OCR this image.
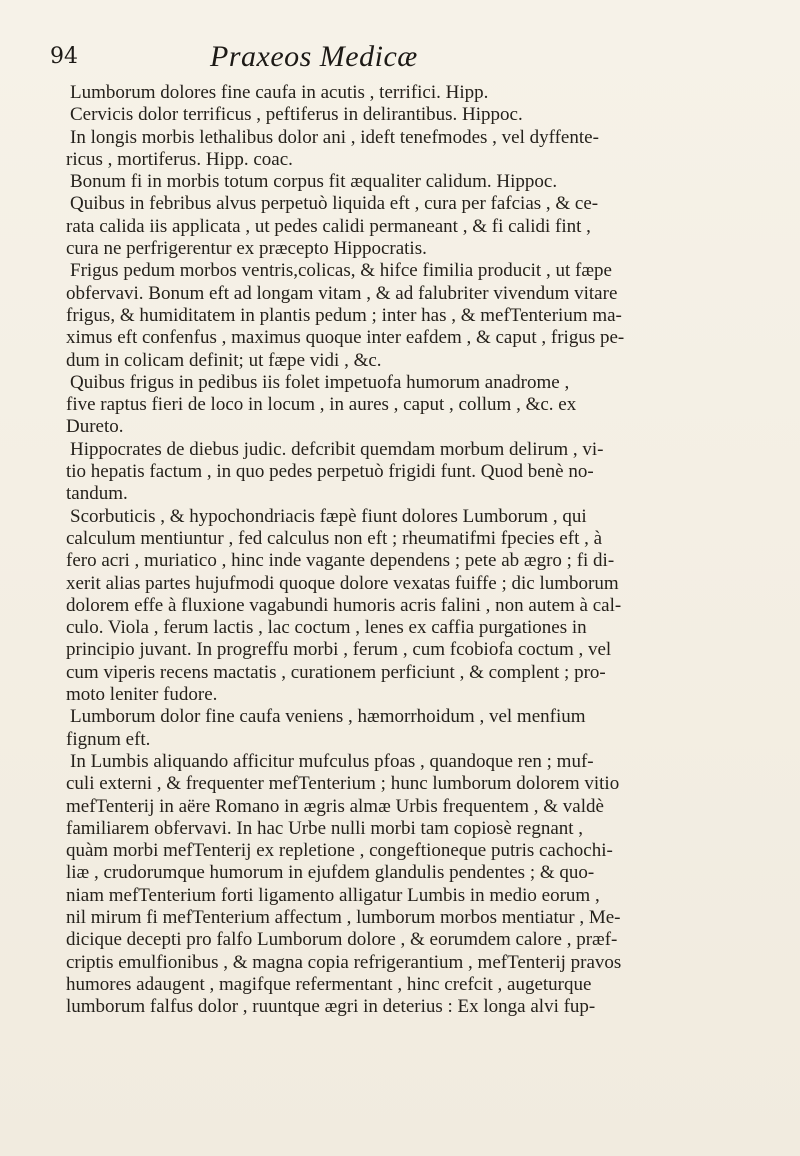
94	Praxeos Medicæ

Lumborum dolores fine caufa in acutis , terrifici. Hipp.

Cervicis dolor terrificus , peftiferus in delirantibus. Hippoc.

In longis morbis lethalibus dolor ani , ideft tenefmodes , vel dyffente-
ricus , mortiferus. Hipp. coac.

Bonum fi in morbis totum corpus fit æqualiter calidum. Hippoc.

Quibus in febribus alvus perpetuò liquida eft , cura per fafcias , & ce-
rata calida iis applicata , ut pedes calidi permaneant , & fi calidi fint ,
cura ne perfrigerentur ex præcepto Hippocratis.

Frigus pedum morbos ventris,colicas, & hifce fimilia producit , ut fæpe
obfervavi. Bonum eft ad longam vitam , & ad falubriter vivendum vitare
frigus, & humiditatem in plantis pedum ; inter has , & mefTenterium ma-
ximus eft confenfus , maximus quoque inter eafdem , & caput , frigus pe-
dum in colicam definit; ut fæpe vidi , &c.

Quibus frigus in pedibus iis folet impetuofa humorum anadrome ,
five raptus fieri de loco in locum , in aures , caput , collum , &c. ex
Dureto.

Hippocrates de diebus judic. defcribit quemdam morbum delirum , vi-
tio hepatis factum , in quo pedes perpetuò frigidi funt. Quod benè no-
tandum.

Scorbuticis , & hypochondriacis fæpè fiunt dolores Lumborum , qui
calculum mentiuntur , fed calculus non eft ; rheumatifmi fpecies eft , à
fero acri , muriatico , hinc inde vagante dependens ; pete ab ægro ; fi di-
xerit alias partes hujufmodi quoque dolore vexatas fuiffe ; dic lumborum
dolorem effe à fluxione vagabundi humoris acris falini , non autem à cal-
culo. Viola , ferum lactis , lac coctum , lenes ex caffia purgationes in
principio juvant. In progreffu morbi , ferum , cum fcobiofa coctum , vel
cum viperis recens mactatis , curationem perficiunt , & complent ; pro-
moto leniter fudore.

Lumborum dolor fine caufa veniens , hæmorrhoidum , vel menfium
fignum eft.

In Lumbis aliquando afficitur mufculus pfoas , quandoque ren ; muf-
culi externi , & frequenter mefTenterium ; hunc lumborum dolorem vitio
mefTenterij in aëre Romano in ægris almæ Urbis frequentem , & valdè
familiarem obfervavi. In hac Urbe nulli morbi tam copiosè regnant ,
quàm morbi mefTenterij ex repletione , congeftioneque putris cachochi-
liæ , crudorumque humorum in ejufdem glandulis pendentes ; & quo-
niam mefTenterium forti ligamento alligatur Lumbis in medio eorum ,
nil mirum fi mefTenterium affectum , lumborum morbos mentiatur , Me-
dicique decepti pro falfo Lumborum dolore , & eorumdem calore , præf-
criptis emulfionibus , & magna copia refrigerantium , mefTenterij pravos
humores adaugent , magifque refermentant , hinc crefcit , augeturque
lumborum falfus dolor , ruuntque ægri in deterius : Ex longa alvi fup-
